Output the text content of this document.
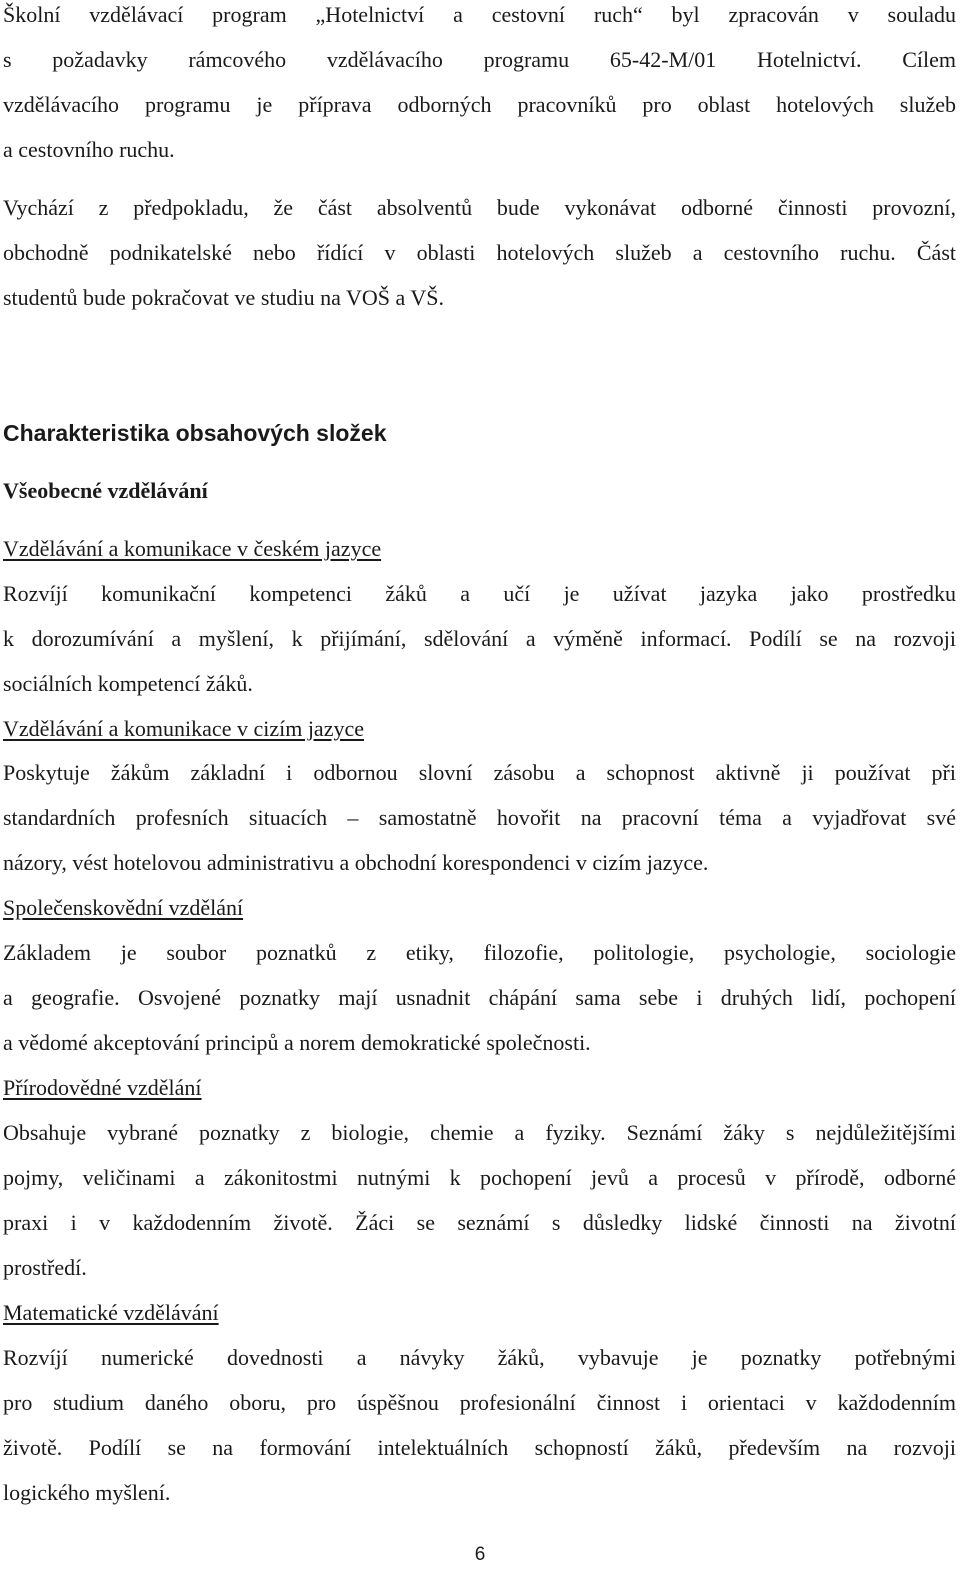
Školní vzdělávací program „Hotelnictví a cestovní ruch“ byl zpracován v souladu
s požadavky rámcového vzdělávacího programu 65-42-M/01 Hotelnictví. Cílem
vzdělávacího programu je příprava odborných pracovníků pro oblast hotelových služeb
a cestovního ruchu.
Vychází z předpokladu, že část absolventů bude vykonávat odborné činnosti provozní,
obchodně podnikatelské nebo řídící v oblasti hotelových služeb a cestovního ruchu. Část
studentů bude pokračovat ve studiu na VOŠ a VŠ.
Charakteristika obsahových složek
Všeobecné vzdělávání
Vzdělávání a komunikace v českém jazyce
Rozvíjí komunikační kompetenci žáků a učí je užívat jazyka jako prostředku
k dorozumívání a myšlení, k přijímání, sdělování a výměně informací. Podílí se na rozvoji
sociálních kompetencí žáků.
Vzdělávání a komunikace v cizím jazyce
Poskytuje žákům základní i odbornou slovní zásobu a schopnost aktivně ji používat při
standardních profesních situacích – samostatně hovořit na pracovní téma a vyjadřovat své
názory, vést hotelovou administrativu a obchodní korespondenci v cizím jazyce.
Společenskovědní vzdělání
Základem je soubor poznatků z etiky, filozofie, politologie, psychologie, sociologie
a geografie. Osvojené poznatky mají usnadnit chápání sama sebe i druhých lidí, pochopení
a vědomé akceptování principů a norem demokratické společnosti.
Přírodovědné vzdělání
Obsahuje vybrané poznatky z biologie, chemie a fyziky. Seznámí žáky s nejdůležitějšími
pojmy, veličinami a zákonitostmi nutnými k pochopení jevů a procesů v přírodě, odborné
praxi i v každodenním životě. Žáci se seznámí s důsledky lidské činnosti na životní
prostředí.
Matematické vzdělávání
Rozvíjí numerické dovednosti a návyky žáků, vybavuje je poznatky potřebnými
pro studium daného oboru, pro úspěšnou profesionální činnost i orientaci v každodenním
životě. Podílí se na formování intelektuálních schopností žáků, především na rozvoji
logického myšlení.
6
